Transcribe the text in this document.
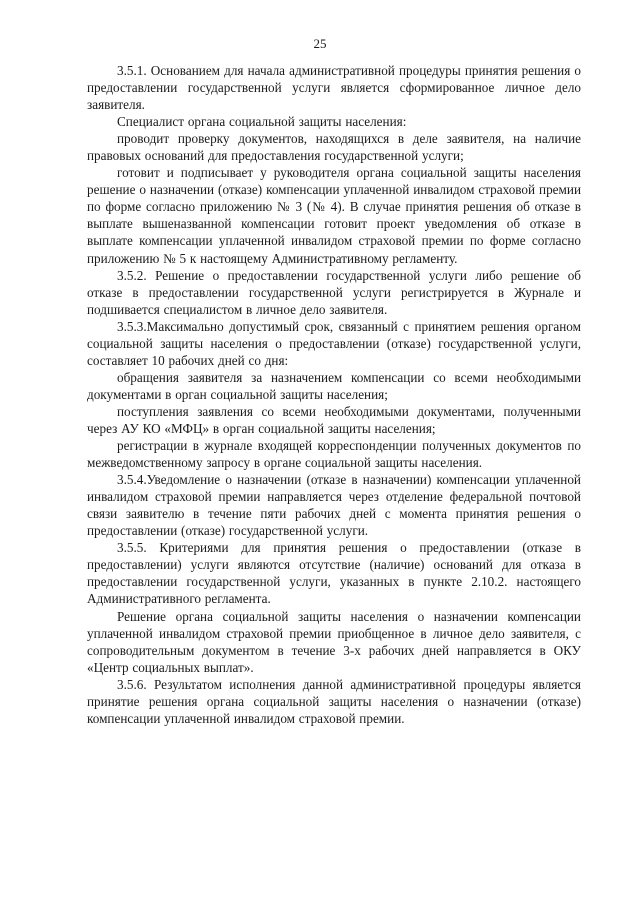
25

3.5.1. Основанием для начала административной процедуры принятия решения о предоставлении государственной услуги является сформированное личное дело заявителя.

Специалист органа социальной защиты населения:

проводит проверку документов, находящихся в деле заявителя, на наличие правовых оснований для предоставления государственной услуги;

готовит и подписывает у руководителя органа социальной защиты населения решение о назначении (отказе) компенсации уплаченной инвалидом страховой премии по форме согласно приложению № 3 (№ 4). В случае принятия решения об отказе в выплате вышеназванной компенсации готовит проект уведомления об отказе в выплате компенсации уплаченной инвалидом страховой премии по форме согласно приложению № 5 к настоящему Административному регламенту.

3.5.2. Решение о предоставлении государственной услуги либо решение об отказе в предоставлении государственной услуги регистрируется в Журнале и подшивается специалистом в личное дело заявителя.

3.5.3.Максимально допустимый срок, связанный с принятием решения органом социальной защиты населения о предоставлении (отказе) государственной услуги, составляет 10 рабочих дней со дня:

обращения заявителя за назначением компенсации со всеми необходимыми документами в орган социальной защиты населения;

поступления заявления со всеми необходимыми документами, полученными через АУ КО «МФЦ» в орган социальной защиты населения;

регистрации в журнале входящей корреспонденции полученных документов по межведомственному запросу в органе социальной защиты населения.

3.5.4.Уведомление о назначении (отказе в назначении) компенсации уплаченной инвалидом страховой премии направляется через отделение федеральной почтовой связи заявителю в течение пяти рабочих дней с момента принятия решения о предоставлении (отказе) государственной услуги.

3.5.5. Критериями для принятия решения о предоставлении (отказе в предоставлении) услуги являются отсутствие (наличие) оснований для отказа в предоставлении государственной услуги, указанных в пункте 2.10.2. настоящего Административного регламента.

Решение органа социальной защиты населения о назначении компенсации уплаченной инвалидом страховой премии приобщенное в личное дело заявителя, с сопроводительным документом в течение 3-х рабочих дней направляется в ОКУ «Центр социальных выплат».

3.5.6. Результатом исполнения данной административной процедуры является принятие решения органа социальной защиты населения о назначении (отказе) компенсации уплаченной инвалидом страховой премии.
